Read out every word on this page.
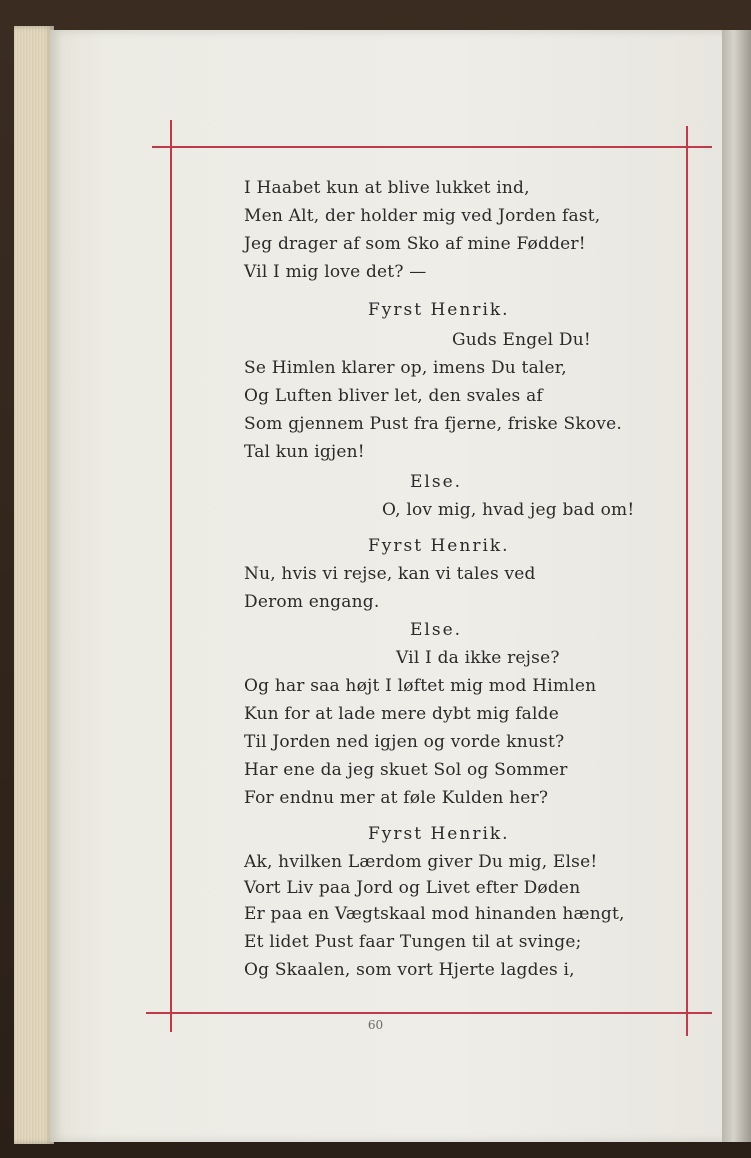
I Haabet kun at blive lukket ind,
Men Alt, der holder mig ved Jorden fast,
Jeg drager af som Sko af mine Fødder!
Vil I mig love det? —
Fyrst Henrik.
Guds Engel Du!
Se Himlen klarer op, imens Du taler,
Og Luften bliver let, den svales af
Som gjennem Pust fra fjerne, friske Skove.
Tal kun igjen!
Else.
O, lov mig, hvad jeg bad om!
Fyrst Henrik.
Nu, hvis vi rejse, kan vi tales ved
Derom engang.
Else.
Vil I da ikke rejse?
Og har saa højt I løftet mig mod Himlen
Kun for at lade mere dybt mig falde
Til Jorden ned igjen og vorde knust?
Har ene da jeg skuet Sol og Sommer
For endnu mer at føle Kulden her?
Fyrst Henrik.
Ak, hvilken Lærdom giver Du mig, Else!
Vort Liv paa Jord og Livet efter Døden
Er paa en Vægtskaal mod hinanden hængt,
Et lidet Pust faar Tungen til at svinge;
Og Skaalen, som vort Hjerte lagdes i,
60
